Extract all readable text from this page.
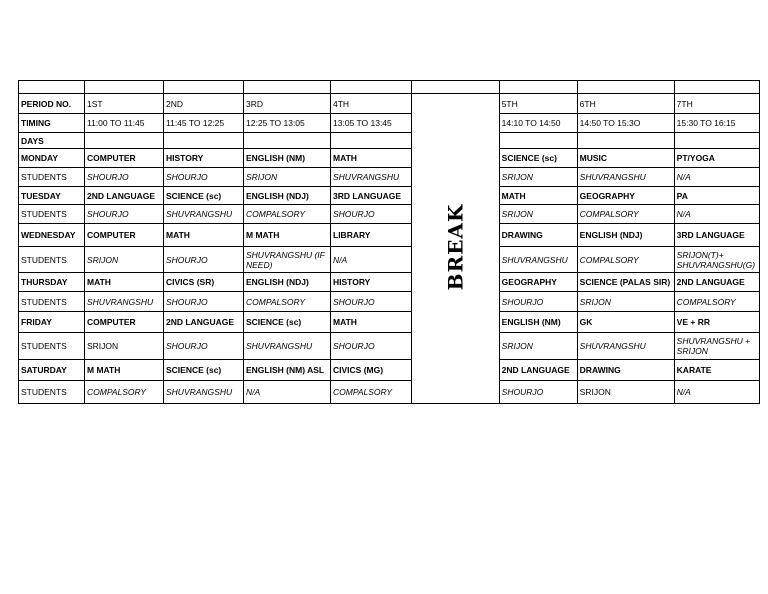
PERIOD NO.	1ST	2ND	3RD	4TH	BREAK	5TH	6TH	7TH
TIMING	11:00 TO 11:45	11:45 TO 12:25	12:25 TO 13:05	13:05 TO 13:45		14:10 TO 14:50	14:50 TO 15:3O	15:30 TO 16:15
DAYS								
MONDAY	COMPUTER	HISTORY	ENGLISH (NM)	MATH		SCIENCE (sc)	MUSIC	PT/YOGA
STUDENTS	SHOURJO	SHOURJO	SRIJON	SHUVRANGSHU		SRIJON	SHUVRANGSHU	N/A
TUESDAY	2ND LANGUAGE	SCIENCE (sc)	ENGLISH (NDJ)	3RD LANGUAGE		MATH	GEOGRAPHY	PA
STUDENTS	SHOURJO	SHUVRANGSHU	COMPALSORY	SHOURJO		SRIJON	COMPALSORY	N/A
WEDNESDAY	COMPUTER	MATH	M MATH	LIBRARY		DRAWING	ENGLISH (NDJ)	3RD LANGUAGE
STUDENTS	SRIJON	SHOURJO	SHUVRANGSHU (IF NEED)	N/A		SHUVRANGSHU	COMPALSORY	SRIJON(T)+ SHUVRANGSHU(G)
THURSDAY	MATH	CIVICS (SR)	ENGLISH (NDJ)	HISTORY		GEOGRAPHY	SCIENCE (PALAS SIR)	2ND LANGUAGE
STUDENTS	SHUVRANGSHU	SHOURJO	COMPALSORY	SHOURJO		SHOURJO	SRIJON	COMPALSORY
FRIDAY	COMPUTER	2ND LANGUAGE	SCIENCE (sc)	MATH		ENGLISH (NM)	GK	VE + RR
STUDENTS	SRIJON	SHOURJO	SHUVRANGSHU	SHOURJO		SRIJON	SHUVRANGSHU	SHUVRANGSHU + SRIJON
SATURDAY	M MATH	SCIENCE (sc)	ENGLISH (NM) ASL	CIVICS (MG)		2ND LANGUAGE	DRAWING	KARATE
STUDENTS	COMPALSORY	SHUVRANGSHU	N/A	COMPALSORY		SHOURJO	SRIJON	N/A
